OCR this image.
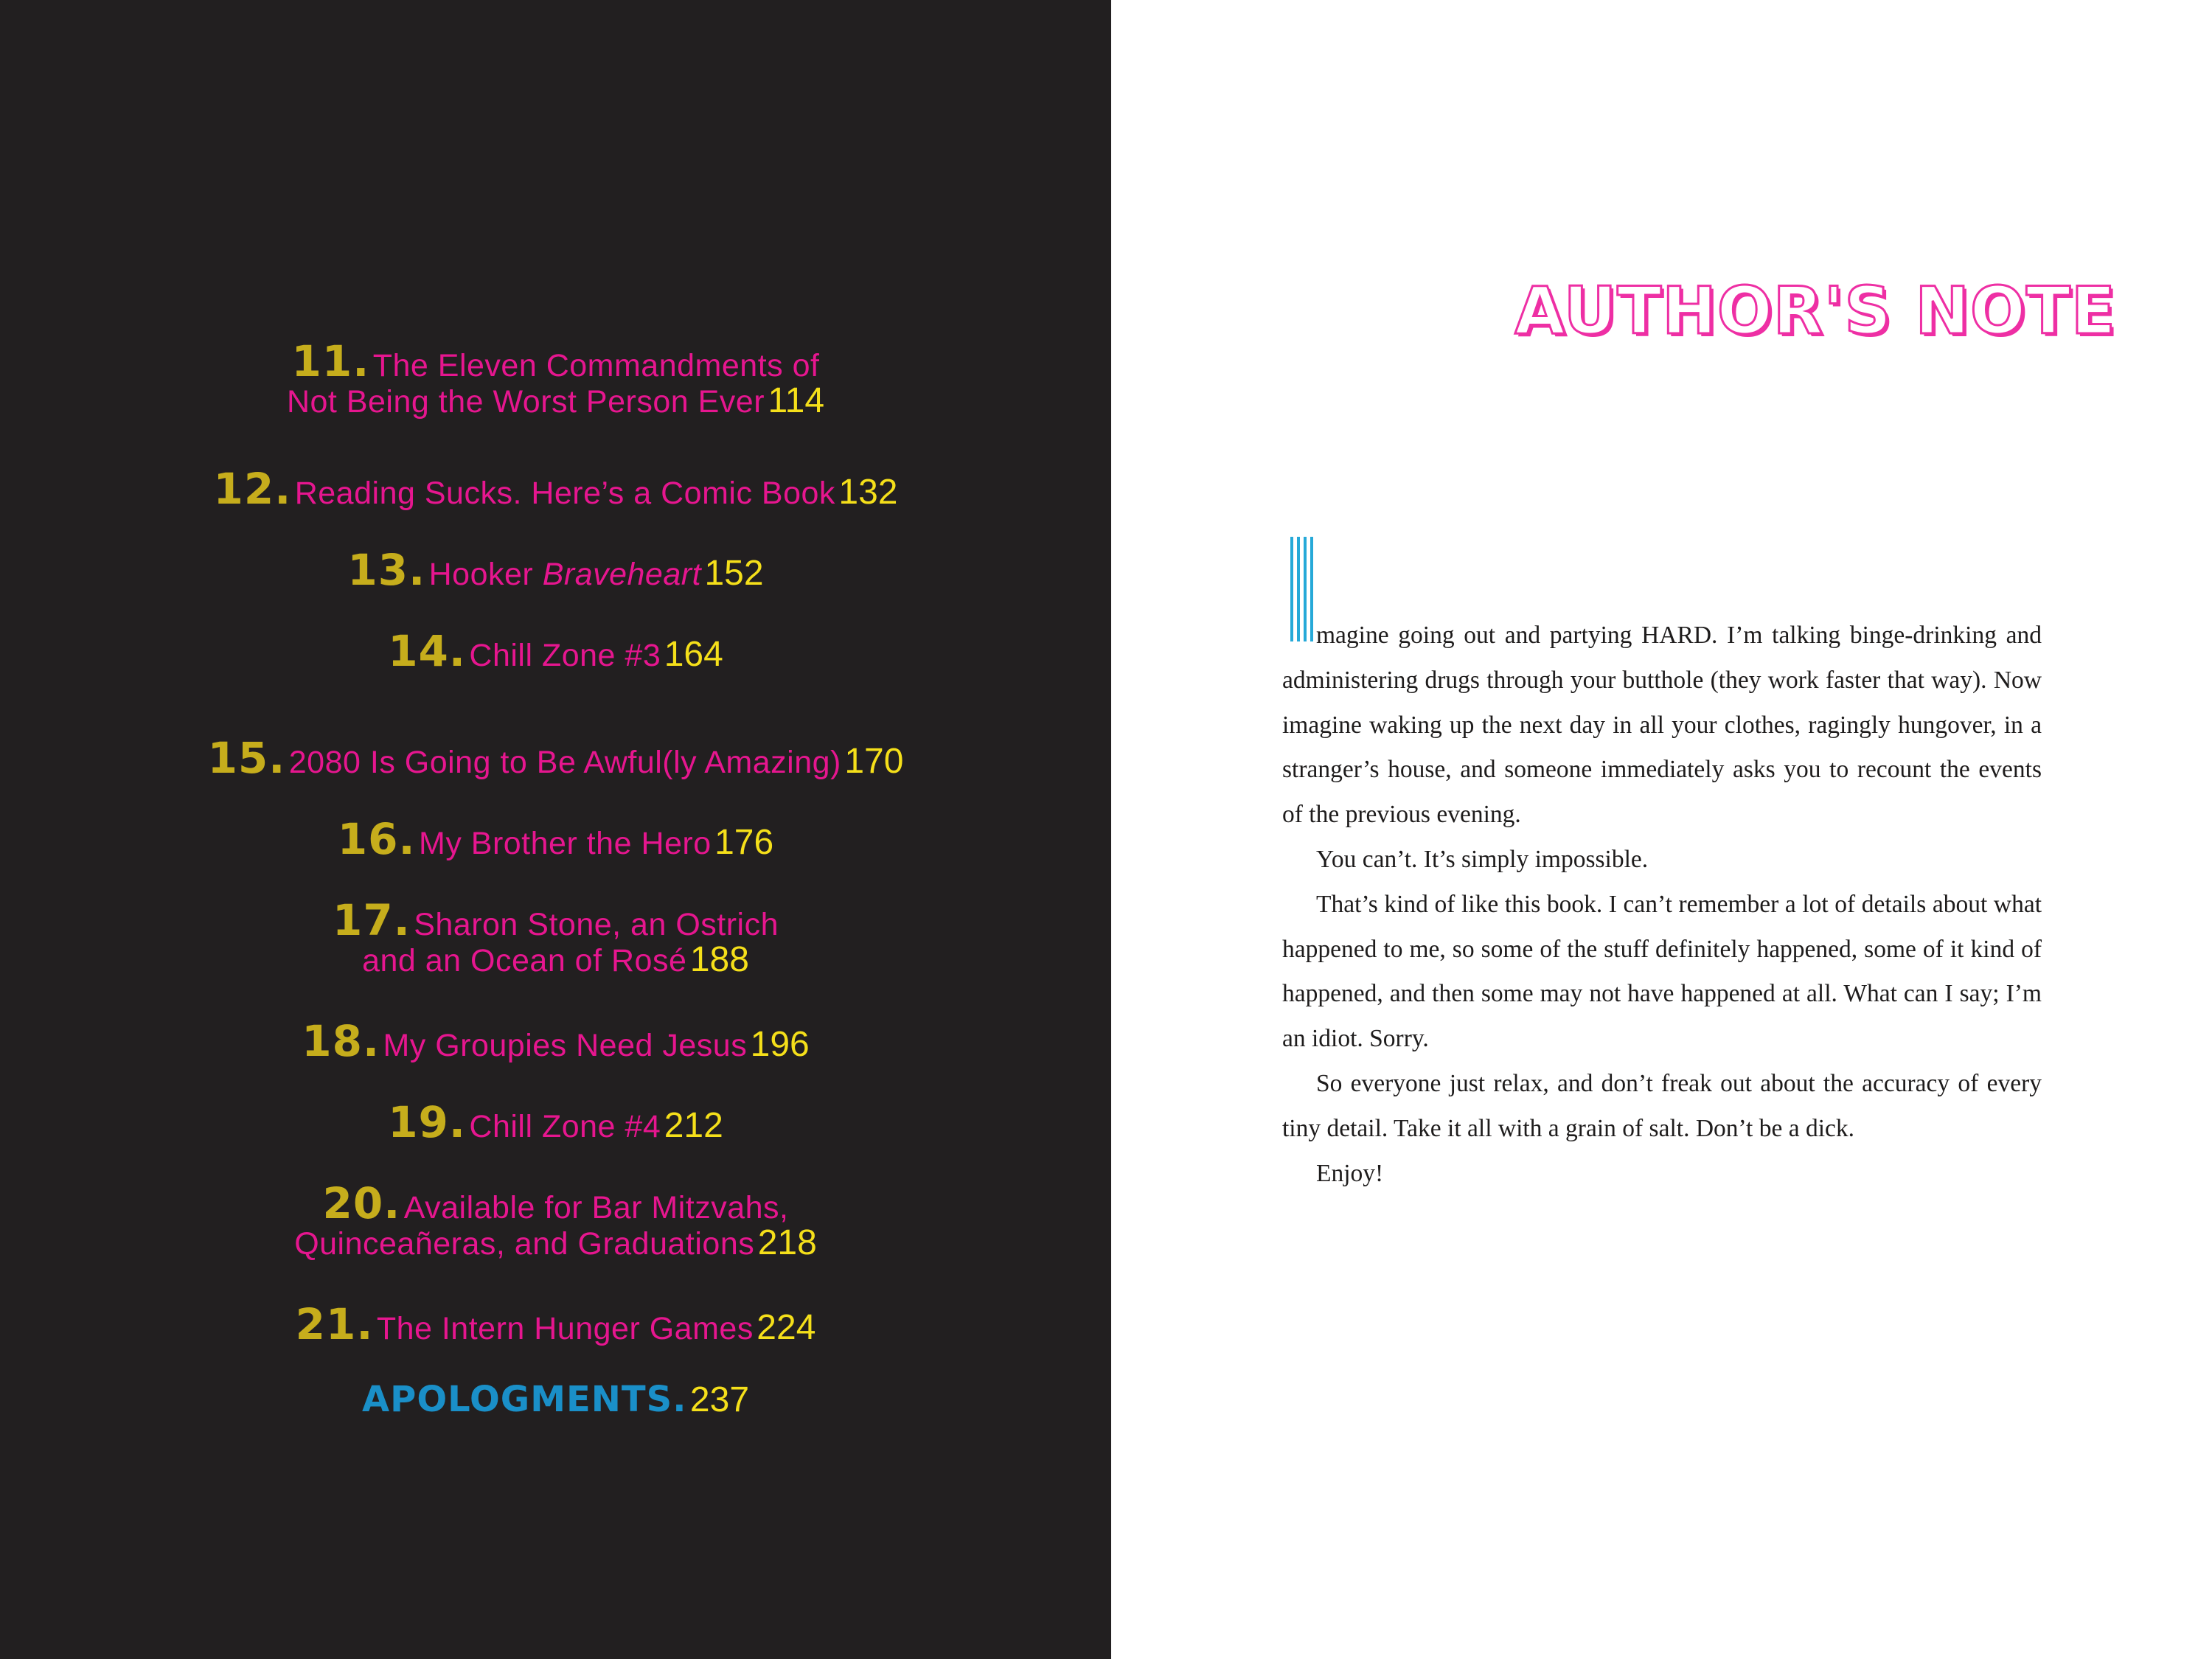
11. The Eleven Commandments of
Not Being the Worst Person Ever 114
12. Reading Sucks. Here’s a Comic Book 132
13. Hooker Braveheart 152
14. Chill Zone #3 164
15. 2080 Is Going to Be Awful(ly Amazing) 170
16. My Brother the Hero 176
17. Sharon Stone, an Ostrich
and an Ocean of Rosé 188
18. My Groupies Need Jesus 196
19. Chill Zone #4 212
20. Available for Bar Mitzvahs,
Quinceañeras, and Graduations 218
21. The Intern Hunger Games 224
APOLOGMENTS. 237
AUTHOR'S NOTE

magine going out and partying HARD. I’m talking binge-drinking and administering drugs through your butthole (they work faster that way). Now imagine waking up the next day in all your clothes, ragingly hungover, in a stranger’s house, and someone immediately asks you to recount the events of the previous evening.

You can’t. It’s simply impossible.

That’s kind of like this book. I can’t remember a lot of details about what happened to me, so some of the stuff definitely happened, some of it kind of happened, and then some may not have happened at all. What can I say; I’m an idiot. Sorry.

So everyone just relax, and don’t freak out about the accuracy of every tiny detail. Take it all with a grain of salt. Don’t be a dick.

Enjoy!
